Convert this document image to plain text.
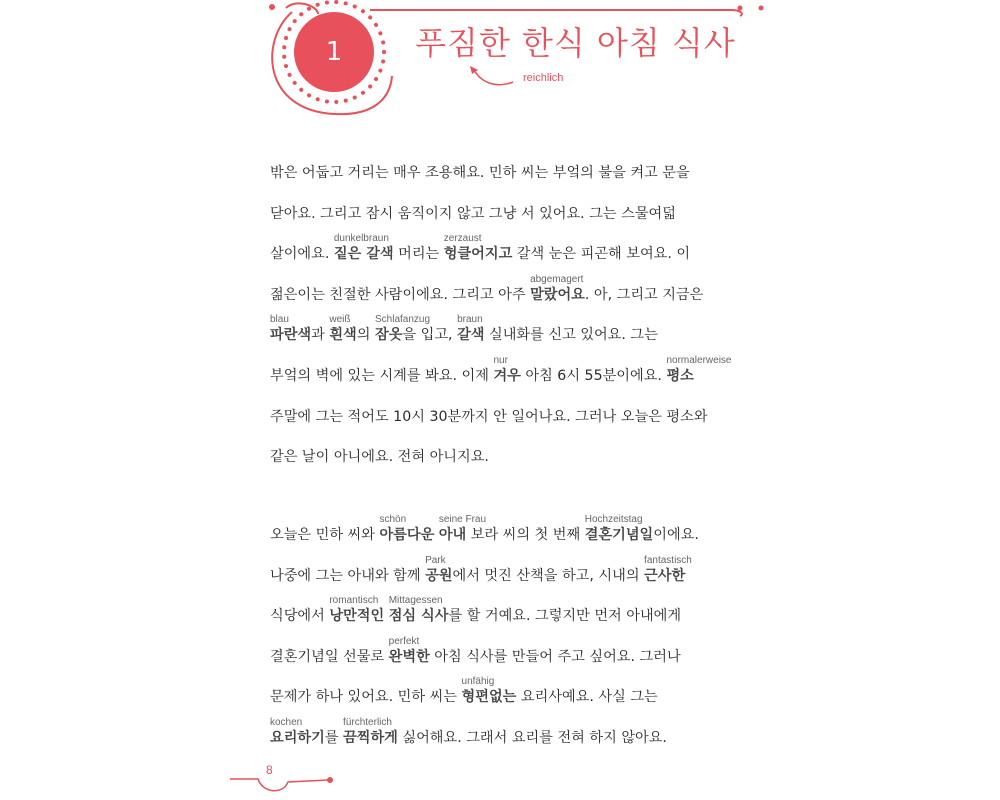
1	푸짐한 한식 아침 식사
reichlich
밖은 어둡고 거리는 매우 조용해요. 민하 씨는 부엌의 불을 켜고 문을
닫아요. 그리고 잠시 움직이지 않고 그냥 서 있어요. 그는 스물여덟
살이에요. 짙은 갈색
dunkelbraun
머리는 헝클어지고
zerzaust
갈색 눈은 피곤해 보여요. 이
젊은이는 친절한 사람이에요. 그리고 아주 말랐어요
abgemagert
. 아, 그리고 지금은
파란색
blau
과 흰색
weiß
의 잠옷
Schlafanzug
을 입고, 갈색
braun
실내화를 신고 있어요. 그는
부엌의 벽에 있는 시계를 봐요. 이제 겨우
nur
아침 6시 55분이에요. 평소
normalerweise
주말에 그는 적어도 10시 30분까지 안 일어나요. 그러나 오늘은 평소와
같은 날이 아니에요. 전혀 아니지요.
오늘은 민하 씨와 아름다운
schön
아내
seine Frau
보라 씨의 첫 번째 결혼기념일
Hochzeitstag
이에요.
나중에 그는 아내와 함께 공원
Park
에서 멋진 산책을 하고, 시내의 근사한
fantastisch
식당에서 낭만적인
romantisch
점심 식사
Mittagessen
를 할 거예요. 그렇지만 먼저 아내에게
결혼기념일 선물로 완벽한
perfekt
아침 식사를 만들어 주고 싶어요. 그러나
문제가 하나 있어요. 민하 씨는 형편없는
unfähig
요리사예요. 사실 그는
요리하기
kochen
를 끔찍하게
fürchterlich
싫어해요. 그래서 요리를 전혀 하지 않아요.
8
